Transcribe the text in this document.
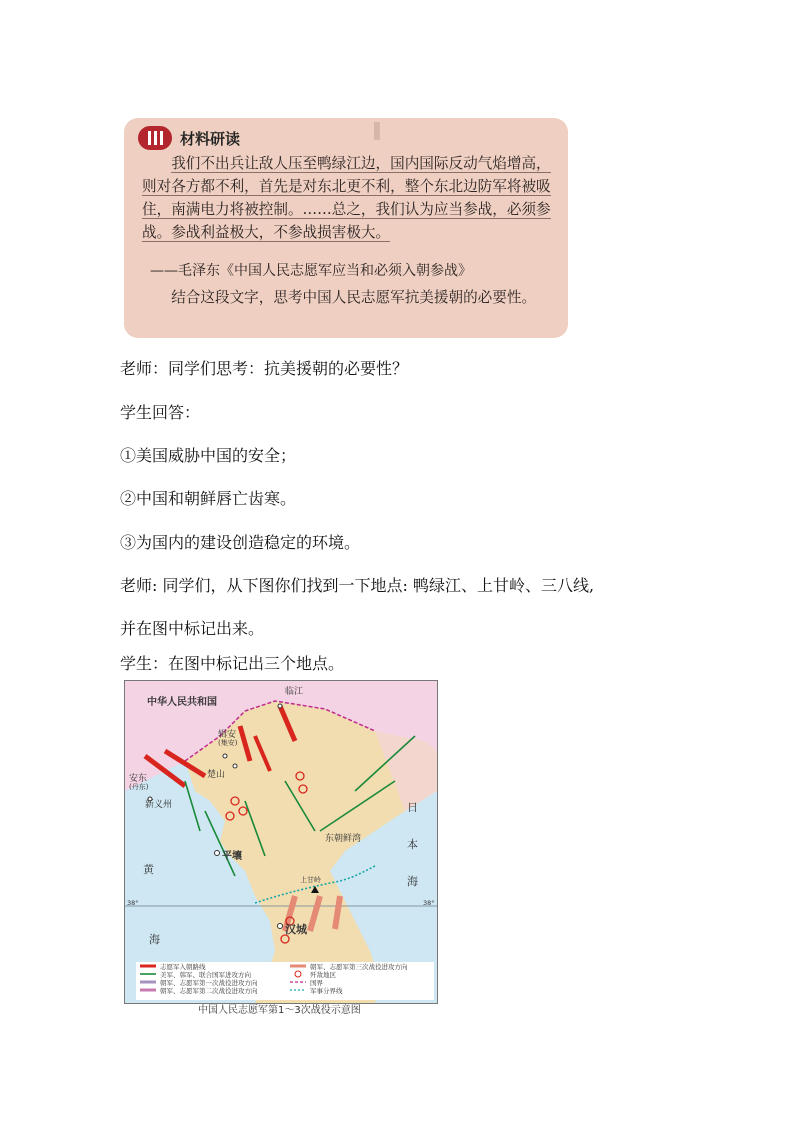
▌
材料研读
我们不出兵让敌人压至鸭绿江边，国内国际反动气焰增高，则对各方都不利，首先是对东北更不利，整个东北边防军将被吸住，南满电力将被控制。……总之，我们认为应当参战，必须参战。参战利益极大，不参战损害极大。
——毛泽东《中国人民志愿军应当和必须入朝参战》
结合这段文字，思考中国人民志愿军抗美援朝的必要性。
老师：同学们思考：抗美援朝的必要性？
学生回答：
①美国威胁中国的安全；
②中国和朝鲜唇亡齿寒。
③为国内的建设创造稳定的环境。
老师: 同学们，从下图你们找到一下地点: 鸭绿江、上甘岭、三八线,
并在图中标记出来。
学生：在图中标记出三个地点。
中华人民共和国
临江
辑安
(集安)
楚山
安东
(丹东)
新义州
平壤
上甘岭
汉城
东朝鲜湾
日
本
海
黄
海
38°	38°
志愿军入朝路线
美军、韩军、联合国军进攻方向
朝军、志愿军第一次战役进攻方向
朝军、志愿军第二次战役进攻方向
朝军、志愿军第三次战役进攻方向
歼敌地区
国界
军事分界线
中国人民志愿军第1～3次战役示意图
